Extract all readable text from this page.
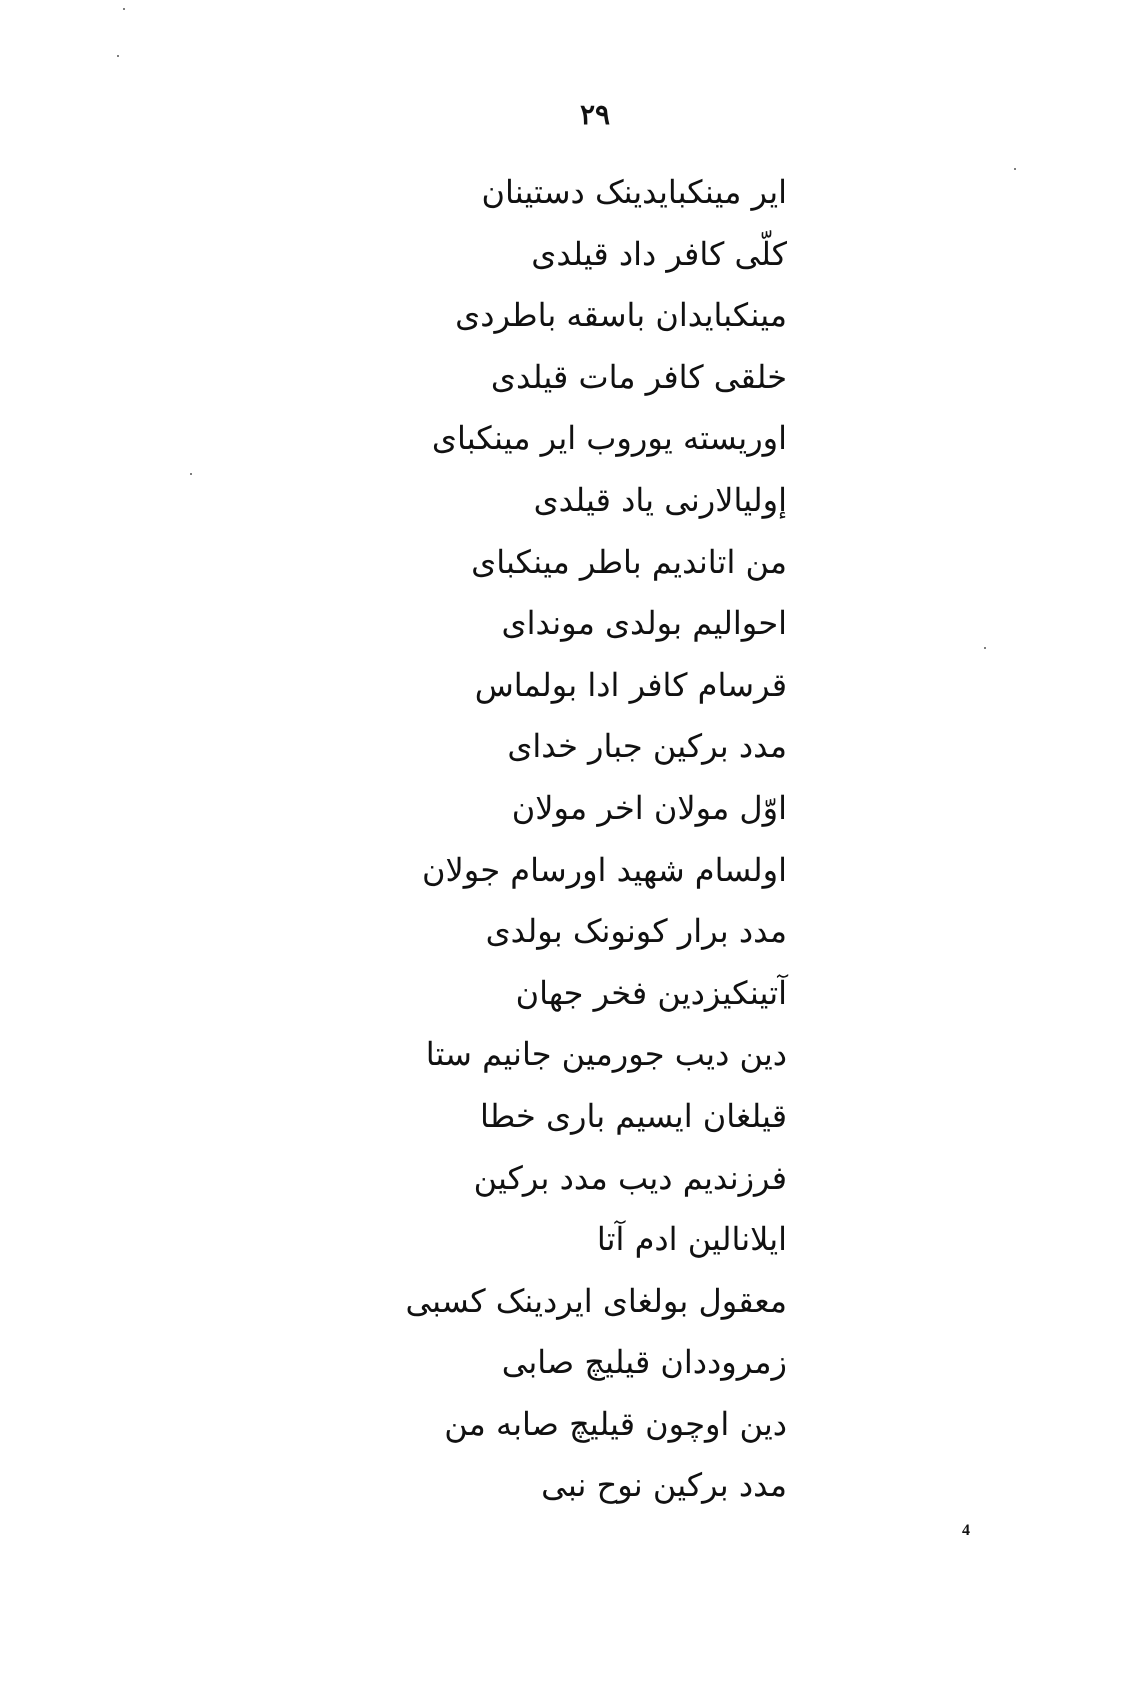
۲۹
ایر مینکبایدینک دستینان
کلّی کافر داد قیلدی
مینکبایدان باسقه باطردی
خلقی کافر مات قیلدی
اوریسته یوروب ایر مینکبای
إولیالارنی یاد قیلدی
من اتاندیم باطر مینکبای
احوالیم بولدی موندای
قرسام کافر ادا بولماس
مدد برکین جبار خدای
اوّل مولان اخر مولان
اولسام شهید اورسام جولان
مدد برار کونونک بولدی
آتینکیزدین فخر جهان
دین دیب جورمین جانیم ستا
قیلغان ایسیم باری خطا
فرزندیم دیب مدد برکین
ایلانالین ادم آتا
معقول بولغای ایردینک کسبی
زمروددان قیلیچ صابی
دین اوچون قیلیچ صابه من
مدد برکین نوح نبی
4
